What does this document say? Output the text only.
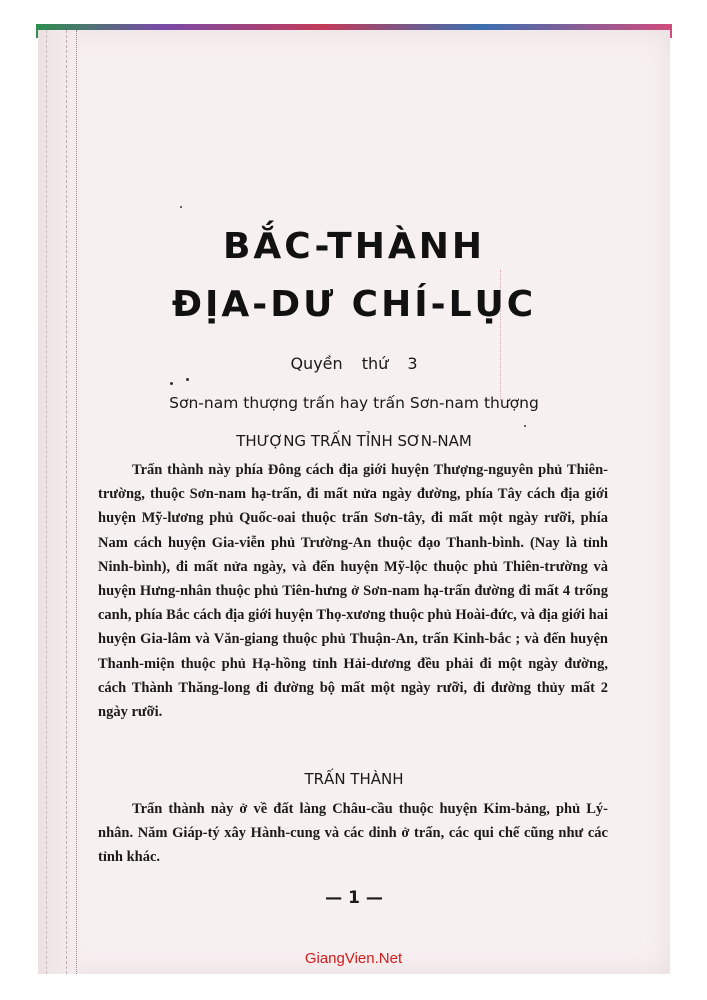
BẮC-THÀNH
ĐỊA-DƯ CHÍ-LỤC
Quyền thứ 3
Sơn-nam thượng trấn hay trấn Sơn-nam thượng
THƯỢNG TRẤN TỈNH SƠN-NAM

Trấn thành này phía Đông cách địa giới huyện Thượng-nguyên phủ Thiên-trường, thuộc Sơn-nam hạ-trấn, đi mất nửa ngày đường, phía Tây cách địa giới huyện Mỹ-lương phủ Quốc-oai thuộc trấn Sơn-tây, đi mất một ngày rưỡi, phía Nam cách huyện Gia-viễn phủ Trường-An thuộc đạo Thanh-bình. (Nay là tỉnh Ninh-bình), đi mất nửa ngày, và đến huyện Mỹ-lộc thuộc phủ Thiên-trường và huyện Hưng-nhân thuộc phủ Tiên-hưng ở Sơn-nam hạ-trấn đường đi mất 4 trống canh, phía Bắc cách địa giới huyện Thọ-xương thuộc phủ Hoài-đức, và địa giới hai huyện Gia-lâm và Văn-giang thuộc phủ Thuận-An, trấn Kinh-bắc ; và đến huyện Thanh-miện thuộc phủ Hạ-hồng tỉnh Hải-dương đều phải đi một ngày đường, cách Thành Thăng-long đi đường bộ mất một ngày rưỡi, đi đường thủy mất 2 ngày rưỡi.

TRẤN THÀNH

Trấn thành này ở về đất làng Châu-cầu thuộc huyện Kim-bảng, phủ Lý-nhân. Năm Giáp-tý xây Hành-cung và các dinh ở trấn, các qui chế cũng như các tỉnh khác.

— 1 —
GiangVien.Net
